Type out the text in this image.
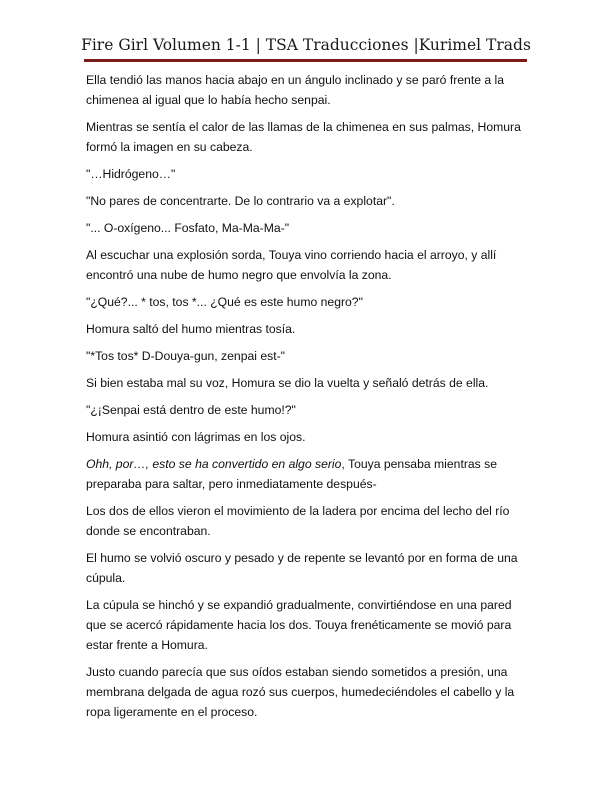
Fire Girl Volumen 1-1 | TSA Traducciones |Kurimel Trads

Ella tendió las manos hacia abajo en un ángulo inclinado y se paró frente a la chimenea al igual que lo había hecho senpai.

Mientras se sentía el calor de las llamas de la chimenea en sus palmas, Homura formó la imagen en su cabeza.

"…Hidrógeno…"

"No pares de concentrarte. De lo contrario va a explotar".

"... O-oxígeno... Fosfato, Ma-Ma-Ma-"

Al escuchar una explosión sorda, Touya vino corriendo hacia el arroyo, y allí encontró una nube de humo negro que envolvía la zona.

"¿Qué?... * tos, tos *... ¿Qué es este humo negro?"

Homura saltó del humo mientras tosía.

"*Tos tos* D-Douya-gun, zenpai est-"

Si bien estaba mal su voz, Homura se dio la vuelta y señaló detrás de ella.

"¿¡Senpai está dentro de este humo!?"

Homura asintió con lágrimas en los ojos.

Ohh, por…, esto se ha convertido en algo serio, Touya pensaba mientras se preparaba para saltar, pero inmediatamente después-

Los dos de ellos vieron el movimiento de la ladera por encima del lecho del río donde se encontraban.

El humo se volvió oscuro y pesado y de repente se levantó por en forma de una cúpula.

La cúpula se hinchó y se expandió gradualmente, convirtiéndose en una pared que se acercó rápidamente hacia los dos. Touya frenéticamente se movió para estar frente a Homura.

Justo cuando parecía que sus oídos estaban siendo sometidos a presión, una membrana delgada de agua rozó sus cuerpos, humedeciéndoles el cabello y la ropa ligeramente en el proceso.
